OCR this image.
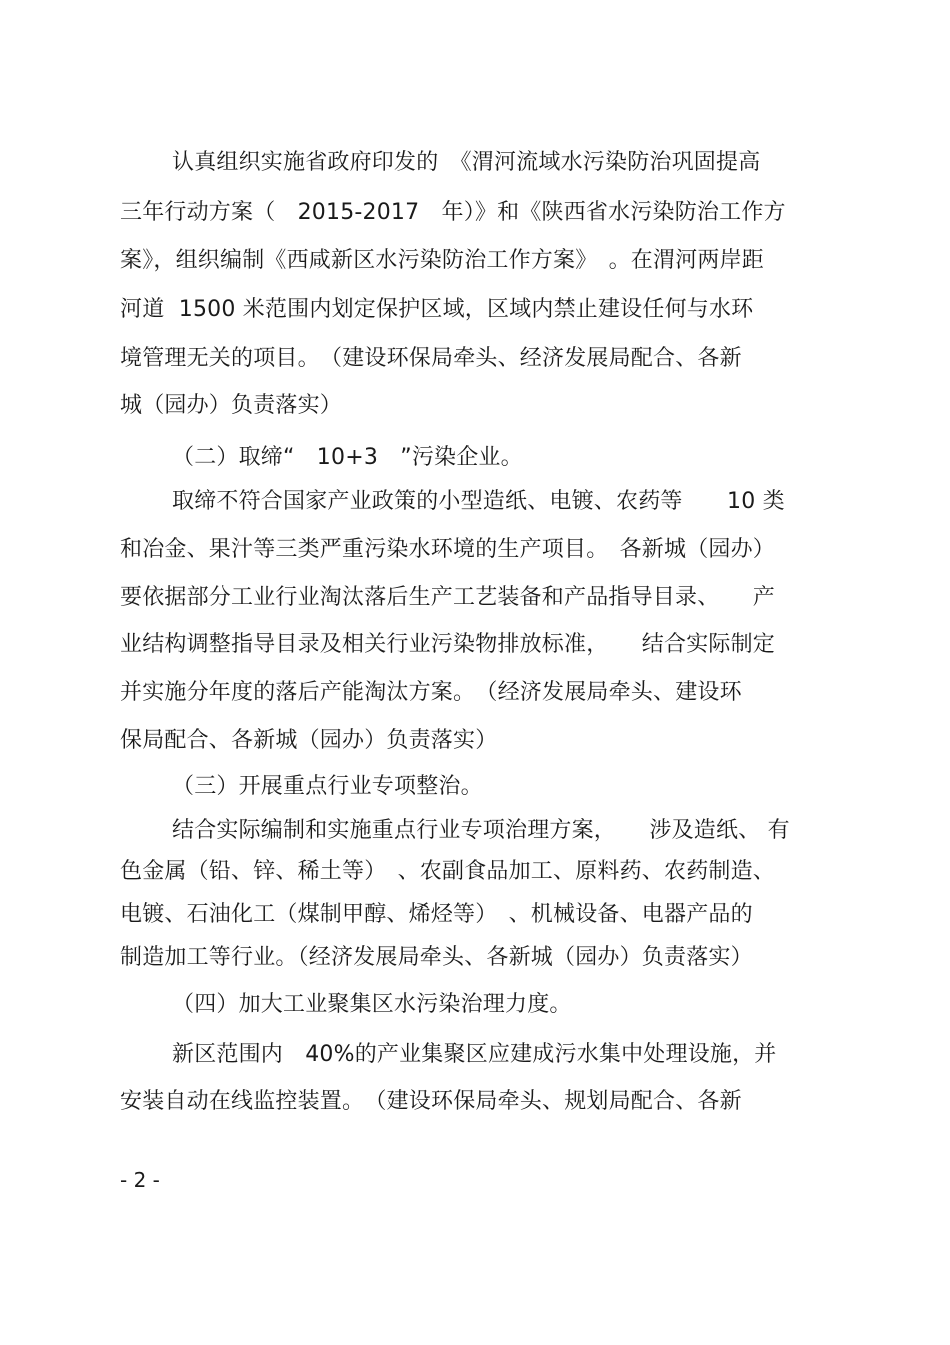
认真组织实施省政府印发的　《渭河流域水污染防治巩固提高
三年行动方案（　2015-2017　年）》和《陕西省水污染防治工作方
案》，组织编制《西咸新区水污染防治工作方案》　。在渭河两岸距
河道  1500 米范围内划定保护区域，区域内禁止建设任何与水环
境管理无关的项目。　（建设环保局牵头、经济发展局配合、各新
城（园办）负责落实）
（二）取缔“　10+3　”污染企业。
取缔不符合国家产业政策的小型造纸、电镀、农药等　　10 类
和冶金、果汁等三类严重污染水环境的生产项目。　各新城（园办）
要依据部分工业行业淘汰落后生产工艺装备和产品指导目录、　　产
业结构调整指导目录及相关行业污染物排放标准，　　结合实际制定
并实施分年度的落后产能淘汰方案。　（经济发展局牵头、建设环
保局配合、各新城（园办）负责落实）
（三）开展重点行业专项整治。
结合实际编制和实施重点行业专项治理方案，　　涉及造纸、 有
色金属（铅、锌、稀土等）　、农副食品加工、原料药、农药制造、
电镀、石油化工（煤制甲醇、烯烃等）　、机械设备、电器产品的
制造加工等行业。（经济发展局牵头、各新城（园办）负责落实）
（四）加大工业聚集区水污染治理力度。
新区范围内　40%的产业集聚区应建成污水集中处理设施，并
安装自动在线监控装置。　（建设环保局牵头、规划局配合、各新
- 2 -
